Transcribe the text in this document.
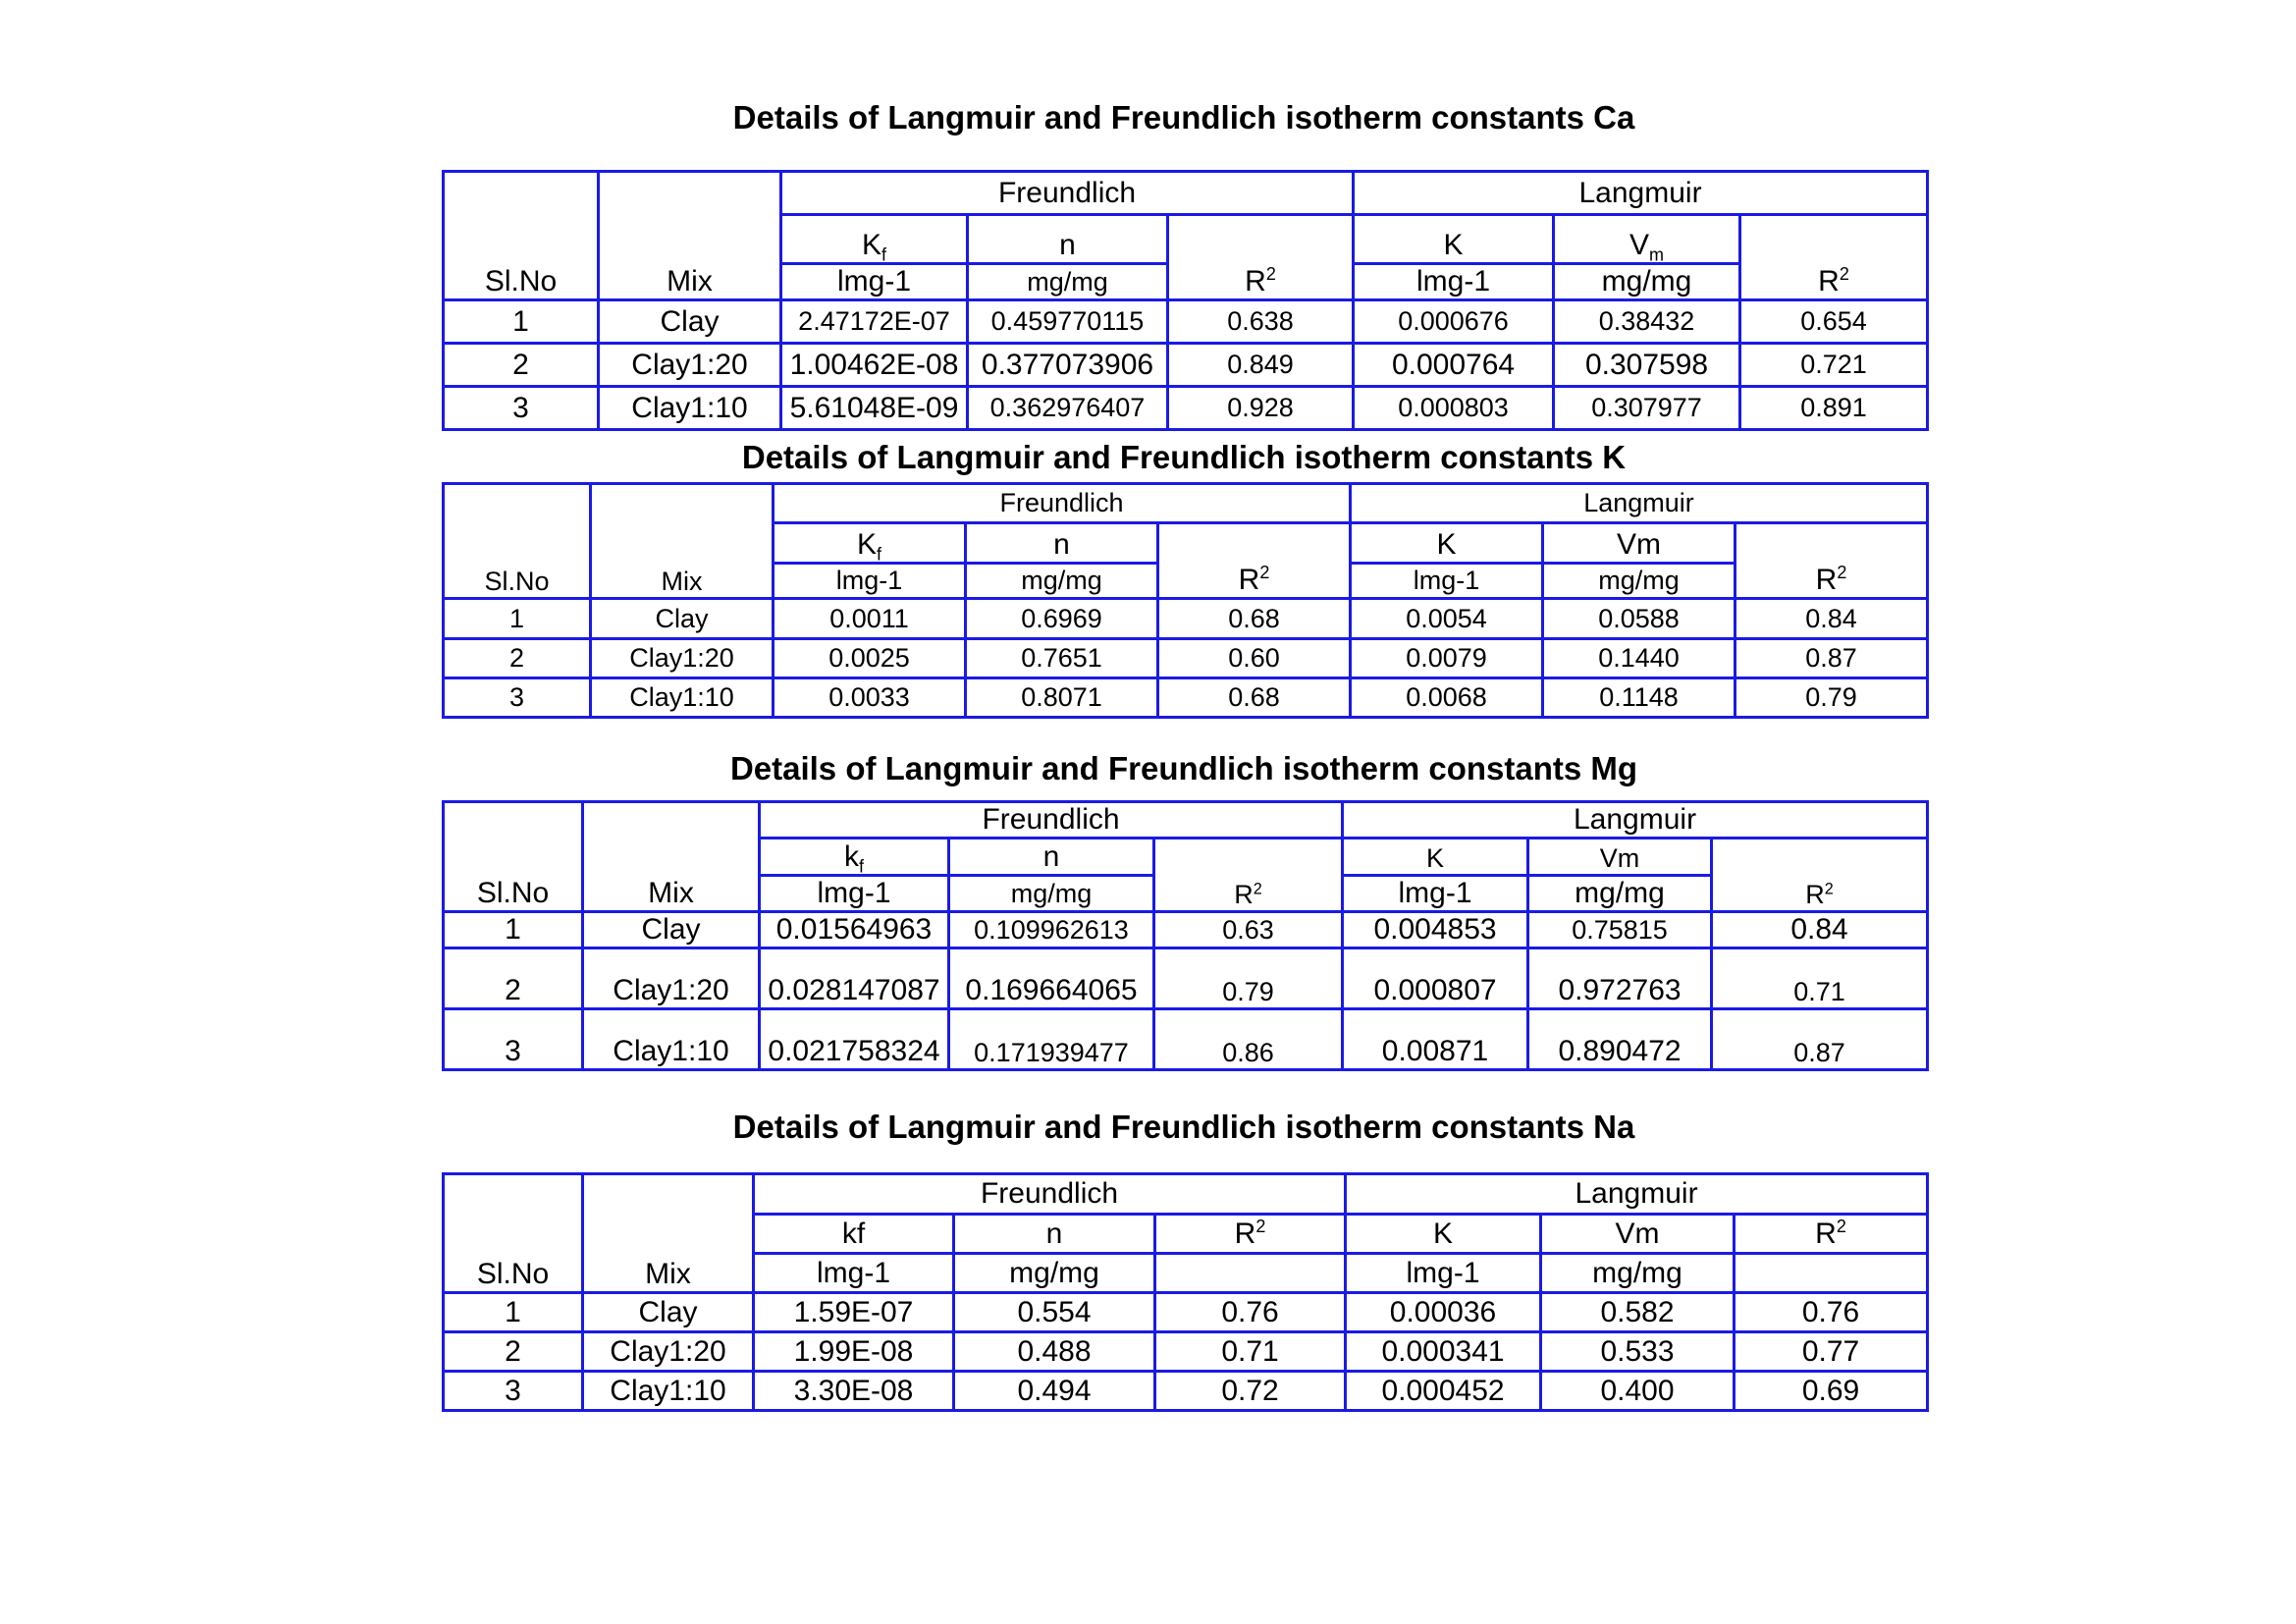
Details of Langmuir and Freundlich isotherm constants Ca
Sl.No	Mix	Freundlich			Langmuir		
		$K_f$	n	$R^2$	K	$V_m$	$R^2$
		lmg-1	mg/mg		lmg-1	mg/mg	
1	Clay	2.47172E-07	0.459770115	0.638	0.000676	0.38432	0.654
2	Clay1:20	1.00462E-08	0.377073906	0.849	0.000764	0.307598	0.721
3	Clay1:10	5.61048E-09	0.362976407	0.928	0.000803	0.307977	0.891
Details of Langmuir and Freundlich isotherm constants K
Sl.No	Mix	Freundlich			Langmuir		
		$K_f$	n	$R^2$	K	Vm	$R^2$
		lmg-1	mg/mg		lmg-1	mg/mg	
1	Clay	0.0011	0.6969	0.68	0.0054	0.0588	0.84
2	Clay1:20	0.0025	0.7651	0.60	0.0079	0.1440	0.87
3	Clay1:10	0.0033	0.8071	0.68	0.0068	0.1148	0.79
Details of Langmuir and Freundlich isotherm constants Mg
Sl.No	Mix	Freundlich			Langmuir		
		$k_f$	n	$R^2$	K	Vm	$R^2$
		lmg-1	mg/mg		lmg-1	mg/mg	
1	Clay	0.01564963	0.109962613	0.63	0.004853	0.75815	0.84
2	Clay1:20	0.028147087	0.169664065	0.79	0.000807	0.972763	0.71
3	Clay1:10	0.021758324	0.171939477	0.86	0.00871	0.890472	0.87
Details of Langmuir and Freundlich isotherm constants Na
Sl.No	Mix	Freundlich			Langmuir		
		kf	n	$R^2$	K	Vm	$R^2$
		lmg-1	mg/mg		lmg-1	mg/mg	
1	Clay	1.59E-07	0.554	0.76	0.00036	0.582	0.76
2	Clay1:20	1.99E-08	0.488	0.71	0.000341	0.533	0.77
3	Clay1:10	3.30E-08	0.494	0.72	0.000452	0.400	0.69
